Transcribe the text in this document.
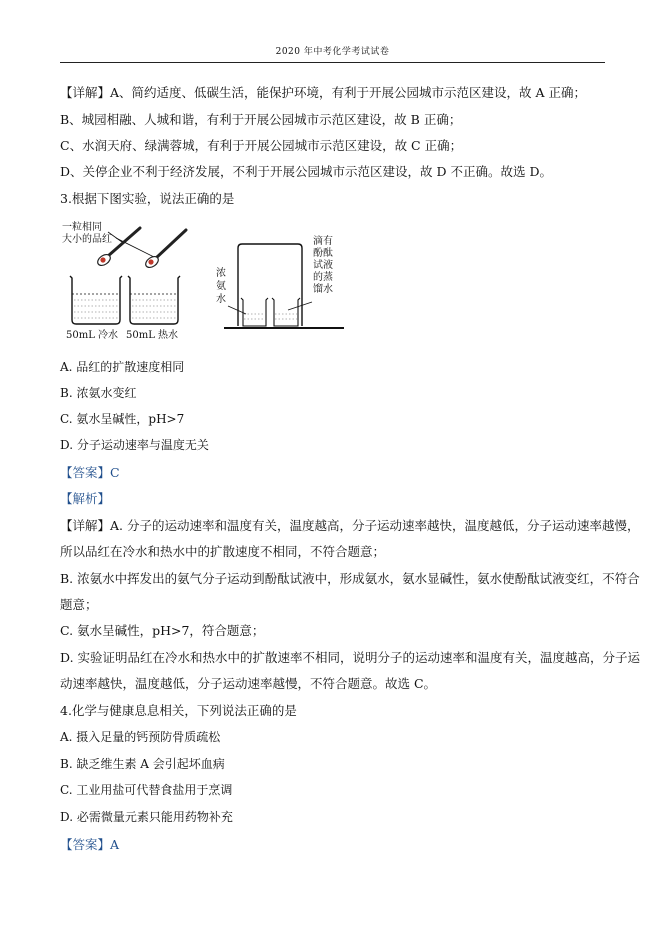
2020 年中考化学考试试卷
【详解】A、简约适度、低碳生活，能保护环境，有利于开展公园城市示范区建设，故 A 正确；
B、城园相融、人城和谐，有利于开展公园城市示范区建设，故 B 正确；
C、水润天府、绿满蓉城，有利于开展公园城市示范区建设，故 C 正确；
D、关停企业不利于经济发展，不利于开展公园城市示范区建设，故 D 不正确。故选 D。
3.根据下图实验，说法正确的是
一粒相同
大小的品红
50mL 冷水 50mL 热水
浓 氨 水
滴有
酚酞
试液
的蒸
馏水
A. 品红的扩散速度相同
B. 浓氨水变红
C. 氨水呈碱性，pH>7
D. 分子运动速率与温度无关
【答案】C
【解析】
【详解】A. 分子的运动速率和温度有关，温度越高，分子运动速率越快，温度越低，分子运动速率越慢，
所以品红在冷水和热水中的扩散速度不相同，不符合题意；
B. 浓氨水中挥发出的氨气分子运动到酚酞试液中，形成氨水，氨水显碱性，氨水使酚酞试液变红，不符合
题意；
C. 氨水呈碱性，pH>7，符合题意；
D. 实验证明品红在冷水和热水中的扩散速率不相同，说明分子的运动速率和温度有关，温度越高，分子运
动速率越快，温度越低，分子运动速率越慢，不符合题意。故选 C。
4.化学与健康息息相关，下列说法正确的是
A. 摄入足量的钙预防骨质疏松
B. 缺乏维生素 A 会引起坏血病
C. 工业用盐可代替食盐用于烹调
D. 必需微量元素只能用药物补充
【答案】A
